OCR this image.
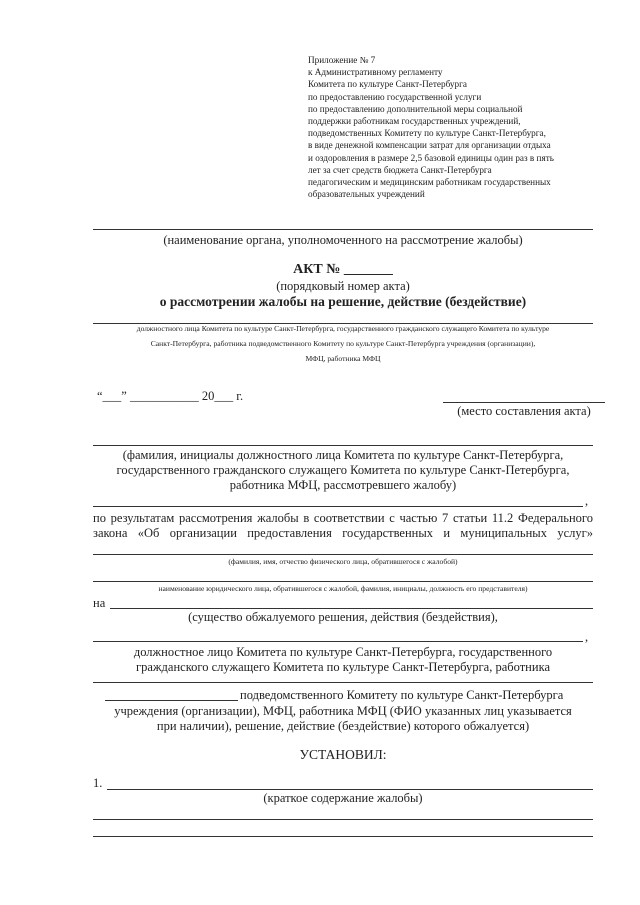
Приложение № 7
к Административному регламенту
Комитета по культуре Санкт-Петербурга
по предоставлению государственной услуги
по предоставлению дополнительной меры социальной
поддержки работникам государственных учреждений,
подведомственных Комитету по культуре Санкт-Петербурга,
в виде денежной компенсации затрат для организации отдыха
и оздоровления в размере 2,5 базовой единицы один раз в пять
лет за счет средств бюджета Санкт-Петербурга
педагогическим и медицинским работникам государственных
образовательных учреждений
(наименование органа, уполномоченного на рассмотрение жалобы)
АКТ № _______
(порядковый номер акта)
о рассмотрении жалобы на решение, действие (бездействие)
должностного лица Комитета по культуре Санкт-Петербурга, государственного гражданского служащего Комитета по культуре
Санкт-Петербурга, работника подведомственного Комитету по культуре Санкт-Петербурга учреждения (организации),
МФЦ, работника МФЦ
“___” ___________ 20___ г.
(место составления акта)
(фамилия, инициалы должностного лица Комитета по культуре Санкт-Петербурга,
государственного гражданского служащего Комитета по культуре Санкт-Петербурга,
работника МФЦ, рассмотревшего жалобу)
,
по результатам рассмотрения жалобы в соответствии с частью 7 статьи 11.2 Федерального
закона «Об организации предоставления государственных и муниципальных услуг»
(фамилия, имя, отчество физического лица, обратившегося с жалобой)
наименование юридического лица, обратившегося с жалобой, фамилия, инициалы, должность его представителя)
на
(существо обжалуемого решения, действия (бездействия),
,
должностное лицо Комитета по культуре Санкт-Петербурга, государственного
гражданского служащего Комитета по культуре Санкт-Петербурга, работника
подведомственного Комитету по культуре Санкт-Петербурга
учреждения (организации), МФЦ, работника МФЦ (ФИО указанных лиц указывается
при наличии), решение, действие (бездействие) которого обжалуется)
УСТАНОВИЛ:
1.
(краткое содержание жалобы)
